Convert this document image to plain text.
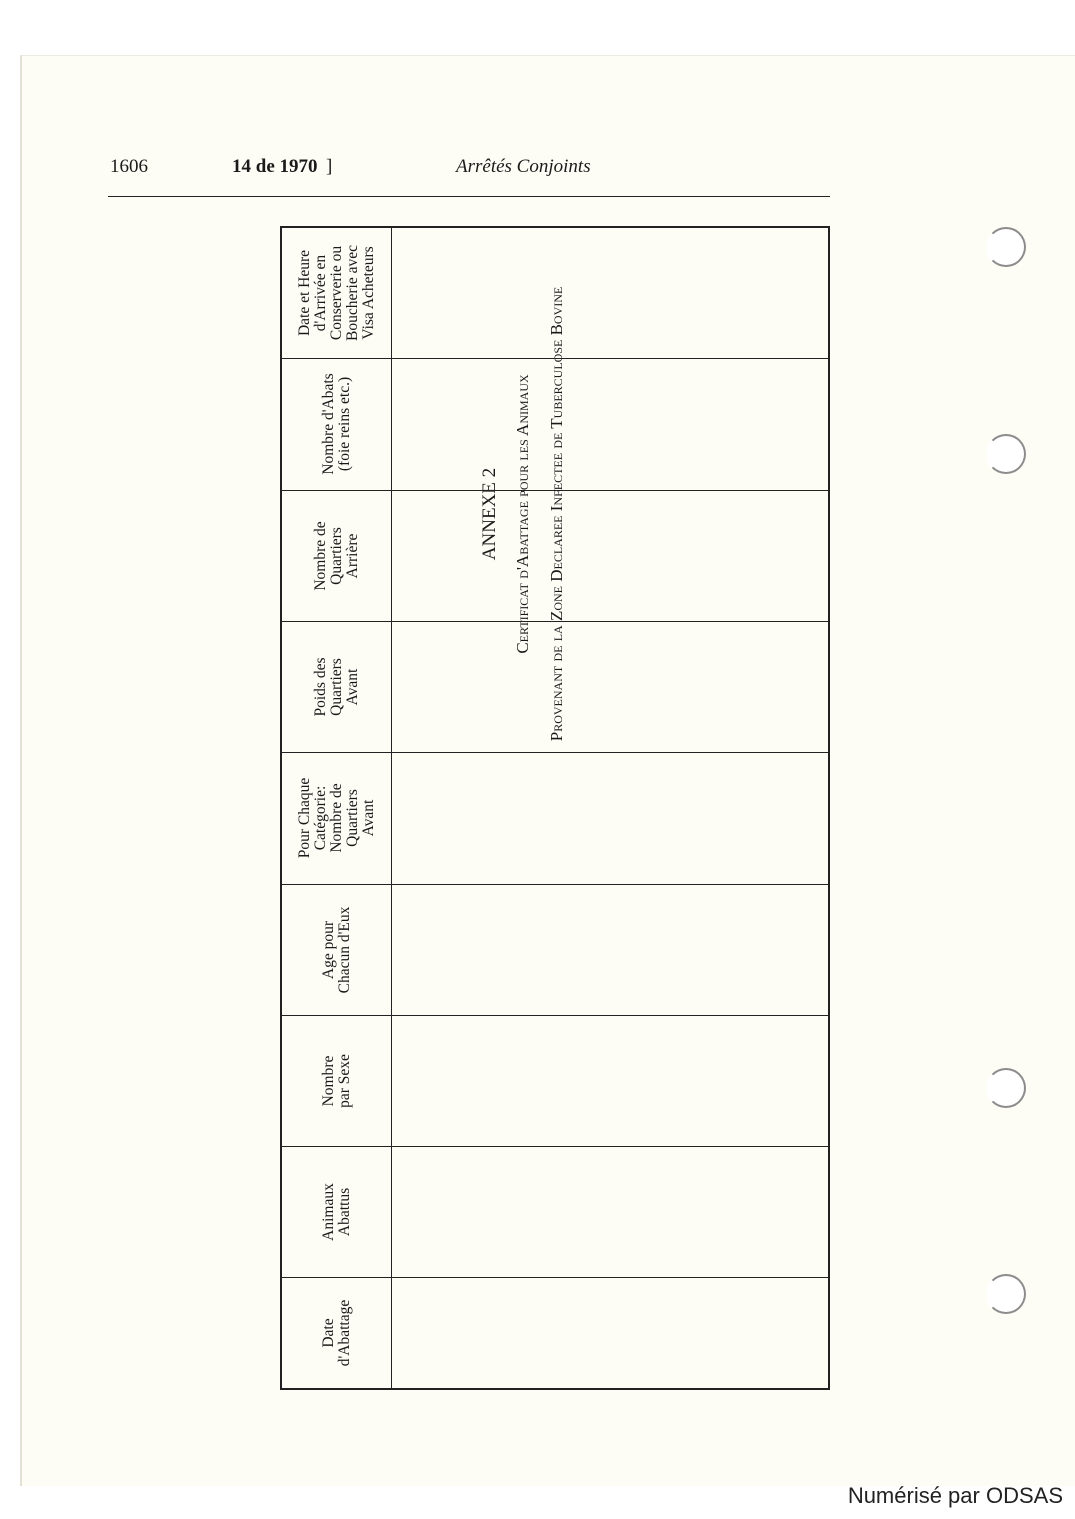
1606	14 de 1970 ]	Arrêtés Conjoints
ANNEXE 2 Certificat d'Abattage pour les Animaux Provenant de la Zone Declaree Infectee de Tuberculose Bovine
Date et Heure
d'Arrivée en
Conserverie ou
Boucherie avec
Visa Acheteurs
Nombre d'Abats
(foie reins etc.)
Nombre de
Quartiers
Arrière
Poids des
Quartiers
Avant
Pour Chaque
Catégorie:
Nombre de
Quartiers
Avant
Age pour
Chacun d'Eux
Nombre
par Sexe
Animaux
Abattus
Date
d'Abattage
Numérisé par ODSAS
